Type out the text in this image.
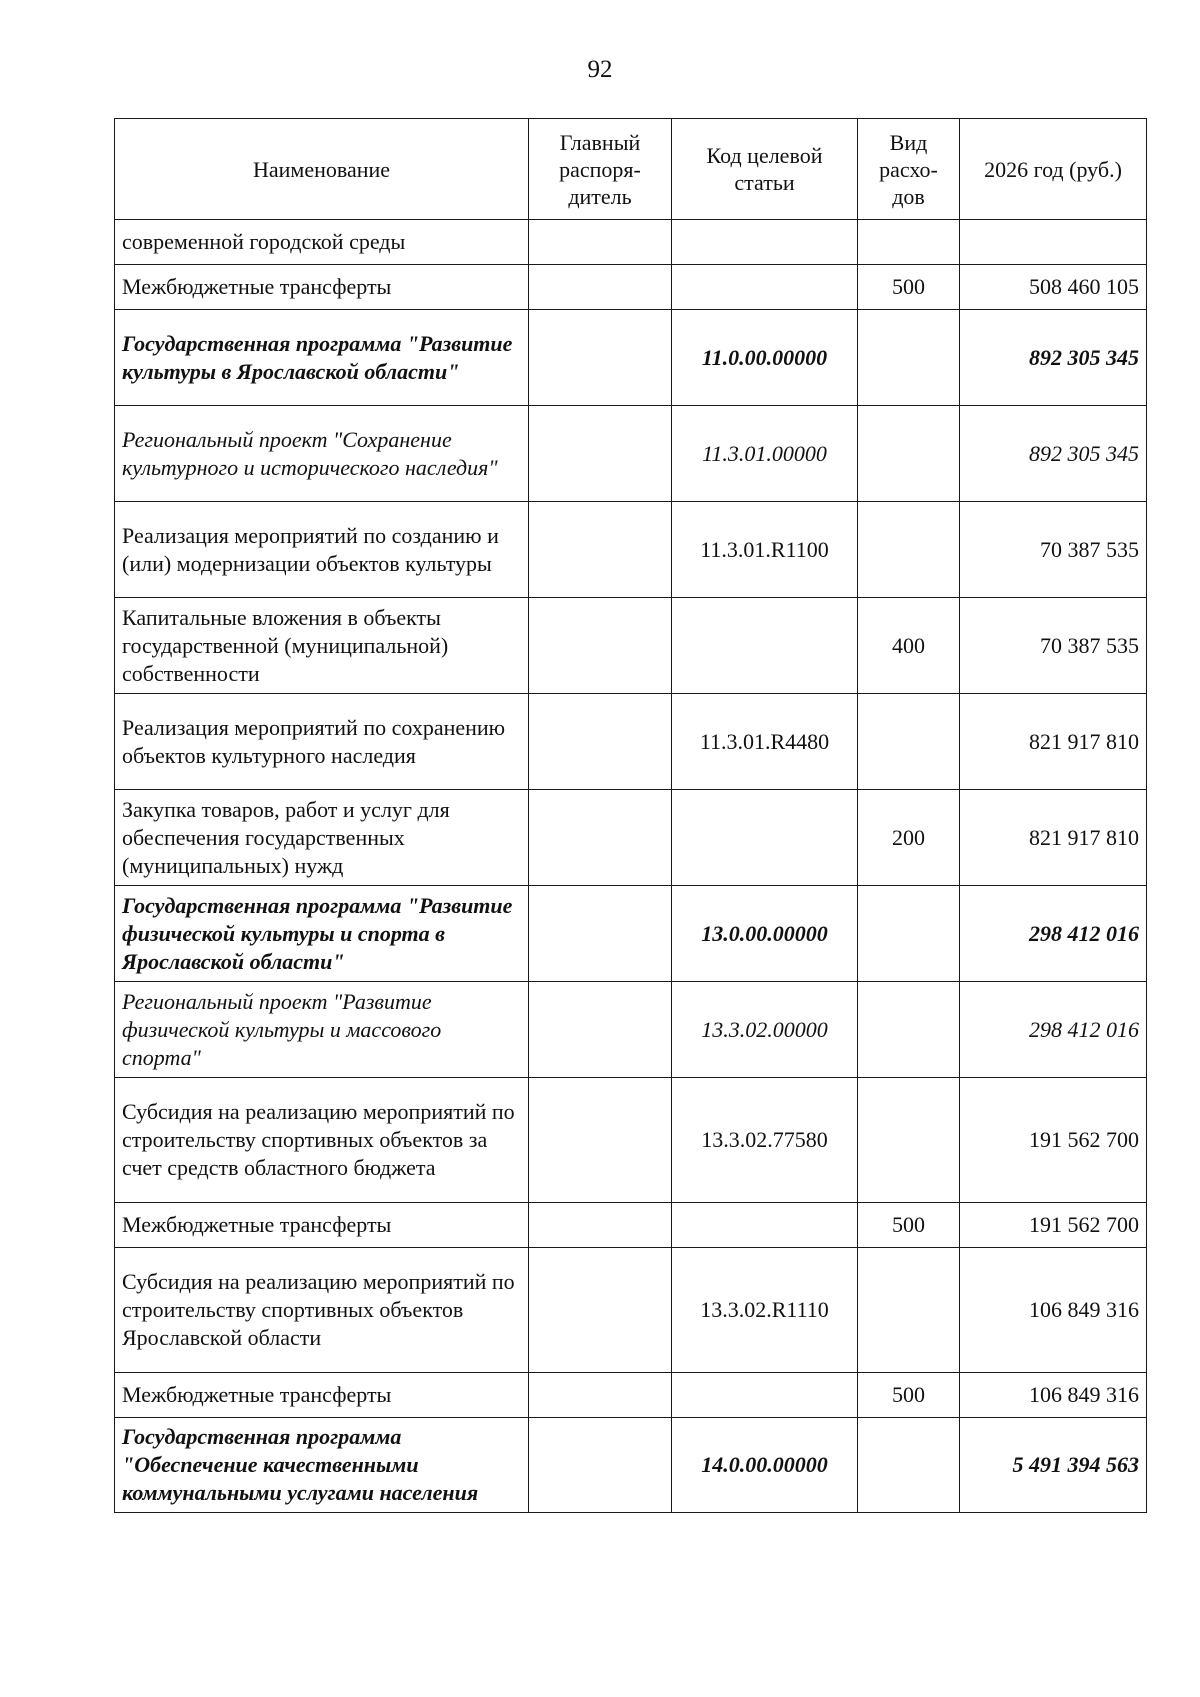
92
Наименование	Главный распоря-дитель	Код целевой статьи	Вид расхо-дов	2026 год (руб.)
современной городской среды				
Межбюджетные трансферты			500	508 460 105
Государственная программа "Развитие культуры в Ярославской области"		11.0.00.00000		892 305 345
Региональный проект "Сохранение культурного и исторического наследия"		11.3.01.00000		892 305 345
Реализация мероприятий по созданию и (или) модернизации объектов культуры		11.3.01.R1100		70 387 535
Капитальные вложения в объекты государственной (муниципальной) собственности			400	70 387 535
Реализация мероприятий по сохранению объектов культурного наследия		11.3.01.R4480		821 917 810
Закупка товаров, работ и услуг для обеспечения государственных (муниципальных) нужд			200	821 917 810
Государственная программа "Развитие физической культуры и спорта в Ярославской области"		13.0.00.00000		298 412 016
Региональный проект "Развитие физической культуры и массового спорта"		13.3.02.00000		298 412 016
Субсидия на реализацию мероприятий по строительству спортивных объектов за счет средств областного бюджета		13.3.02.77580		191 562 700
Межбюджетные трансферты			500	191 562 700
Субсидия на реализацию мероприятий по строительству спортивных объектов Ярославской области		13.3.02.R1110		106 849 316
Межбюджетные трансферты			500	106 849 316
Государственная программа "Обеспечение качественными коммунальными услугами населения		14.0.00.00000		5 491 394 563
